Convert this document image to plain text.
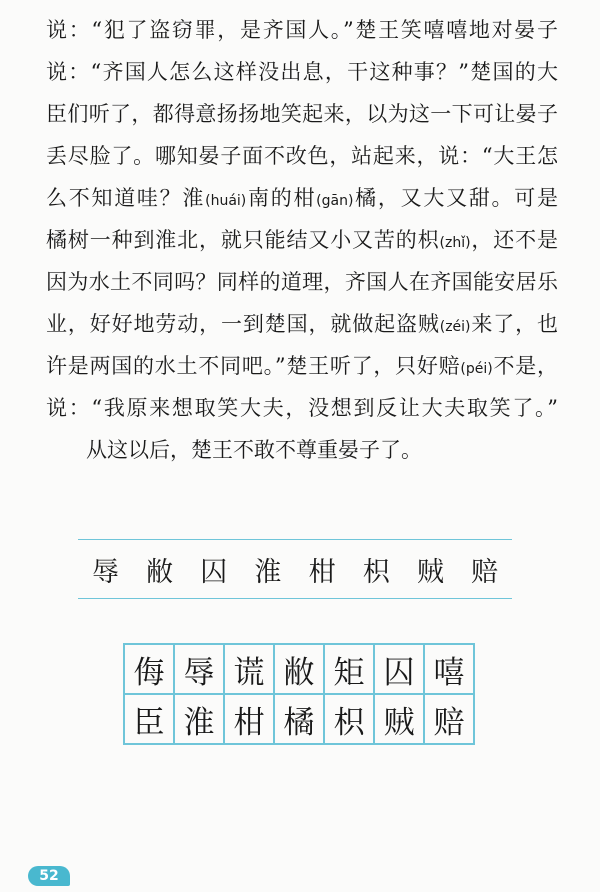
说：“犯了盗窃罪，是齐国人。”楚王笑嘻嘻地对晏子
说：“齐国人怎么这样没出息，干这种事？”楚国的大
臣们听了，都得意扬扬地笑起来，以为这一下可让晏子
丢尽脸了。哪知晏子面不改色，站起来，说：“大王怎
么不知道哇？淮(huái)南的柑(gān)橘，又大又甜。可是
橘树一种到淮北，就只能结又小又苦的枳(zhǐ)，还不是
因为水土不同吗？同样的道理，齐国人在齐国能安居乐
业，好好地劳动，一到楚国，就做起盗贼(zéi)来了，也
许是两国的水土不同吧。”楚王听了，只好赔(péi)不是，
说：“我原来想取笑大夫，没想到反让大夫取笑了。”
从这以后，楚王不敢不尊重晏子了。
辱 敝 囚 淮 柑 枳 贼 赔
侮 辱 谎 敝 矩 囚 嘻
臣 淮 柑 橘 枳 贼 赔
52
